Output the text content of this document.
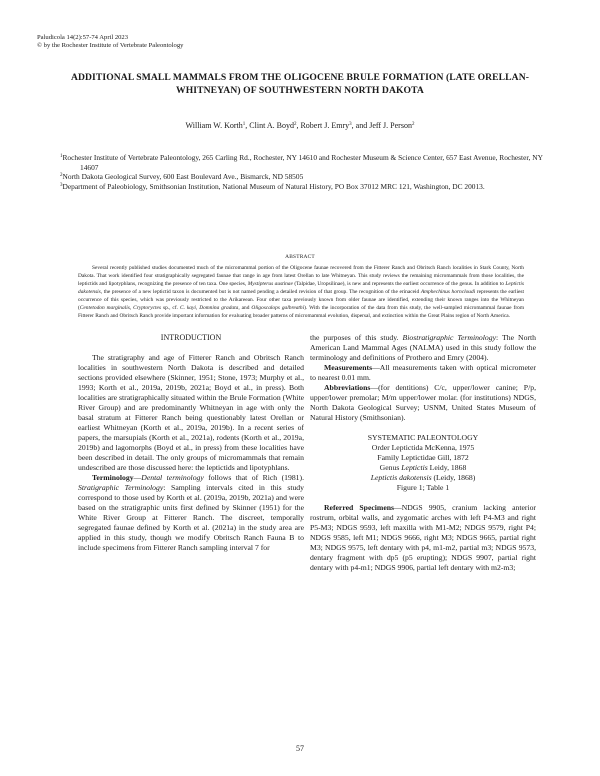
Paludicola 14(2):57-74 April 2023
© by the Rochester Institute of Vertebrate Paleontology
ADDITIONAL SMALL MAMMALS FROM THE OLIGOCENE BRULE FORMATION (LATE ORELLAN-WHITNEYAN) OF SOUTHWESTERN NORTH DAKOTA
William W. Korth$^1$, Clint A. Boyd$^2$, Robert J. Emry$^3$, and Jeff J. Person$^2$

$^1$Rochester Institute of Vertebrate Paleontology, 265 Carling Rd., Rochester, NY 14610 and Rochester Museum & Science Center, 657 East Avenue, Rochester, NY 14607

$^2$North Dakota Geological Survey, 600 East Boulevard Ave., Bismarck, ND 58505

$^3$Department of Paleobiology, Smithsonian Institution, National Museum of Natural History, PO Box 37012 MRC 121, Washington, DC 20013.

ABSTRACT
Several recently published studies documented much of the micromammal portion of the Oligocene faunae recovered from the Fitterer Ranch and Obritsch Ranch localities in Stark County, North Dakota. That work identified four stratigraphically segregated faunae that range in age from latest Orellan to late Whitneyan. This study reviews the remaining micromammals from those localities, the leptictids and lipotyphlans, recognizing the presence of ten taxa. One species, Mystipterus austinae (Talpidae, Uropsilinae), is new and represents the earliest occurrence of the genus. In addition to Leptictis dakotensis, the presence of a new leptictid taxon is documented but is not named pending a detailed revision of that group. The recognition of the erinaceid Amphechinus horncloudi represents the earliest occurrence of this species, which was previously restricted to the Arikareean. Four other taxa previously known from older faunae are identified, extending their known ranges into the Whitneyan (Centetodon marginalis, Cryptoryctes sp., cf. C. kayi, Domnina gradata, and Oligoscalops galbreathi). With the incorporation of the data from this study, the well-sampled micromammal faunae from Fitterer Ranch and Obritsch Ranch provide important information for evaluating broader patterns of micromammal evolution, dispersal, and extinction within the Great Plains region of North America.

INTRODUCTION

The stratigraphy and age of Fitterer Ranch and Obritsch Ranch localities in southwestern North Dakota is described and detailed sections provided elsewhere (Skinner, 1951; Stone, 1973; Murphy et al., 1993; Korth et al., 2019a, 2019b, 2021a; Boyd et al., in press). Both localities are stratigraphically situated within the Brule Formation (White River Group) and are predominantly Whitneyan in age with only the basal stratum at Fitterer Ranch being questionably latest Orellan or earliest Whitneyan (Korth et al., 2019a, 2019b). In a recent series of papers, the marsupials (Korth et al., 2021a), rodents (Korth et al., 2019a, 2019b) and lagomorphs (Boyd et al., in press) from these localities have been described in detail. The only groups of micromammals that remain undescribed are those discussed here: the leptictids and lipotyphlans.

Terminology—Dental terminology follows that of Rich (1981). Stratigraphic Terminology: Sampling intervals cited in this study correspond to those used by Korth et al. (2019a, 2019b, 2021a) and were based on the stratigraphic units first defined by Skinner (1951) for the White River Group at Fitterer Ranch. The discreet, temporally segregated faunae defined by Korth et al. (2021a) in the study area are applied in this study, though we modify Obritsch Ranch Fauna B to include specimens from Fitterer Ranch sampling interval 7 for

the purposes of this study. Biostratigraphic Terminology: The North American Land Mammal Ages (NALMA) used in this study follow the terminology and definitions of Prothero and Emry (2004).

Measurements—All measurements taken with optical micrometer to nearest 0.01 mm.

Abbreviations—(for dentitions) C/c, upper/lower canine; P/p, upper/lower premolar; M/m upper/lower molar. (for institutions) NDGS, North Dakota Geological Survey; USNM, United States Museum of Natural History (Smithsonian).

SYSTEMATIC PALEONTOLOGY

Order Leptictida McKenna, 1975

Family Leptictidae Gill, 1872

Genus Leptictis Leidy, 1868

Leptictis dakotensis (Leidy, 1868)

Figure 1; Table 1

Referred Specimens—NDGS 9905, cranium lacking anterior rostrum, orbital walls, and zygomatic arches with left P4-M3 and right P5-M3; NDGS 9593, left maxilla with M1-M2; NDGS 9579, right P4; NDGS 9585, left M1; NDGS 9666, right M3; NDGS 9665, partial right M3; NDGS 9575, left dentary with p4, m1-m2, partial m3; NDGS 9573, dentary fragment with dp5 (p5 erupting); NDGS 9907, partial right dentary with p4-m1; NDGS 9906, partial left dentary with m2-m3;

57
